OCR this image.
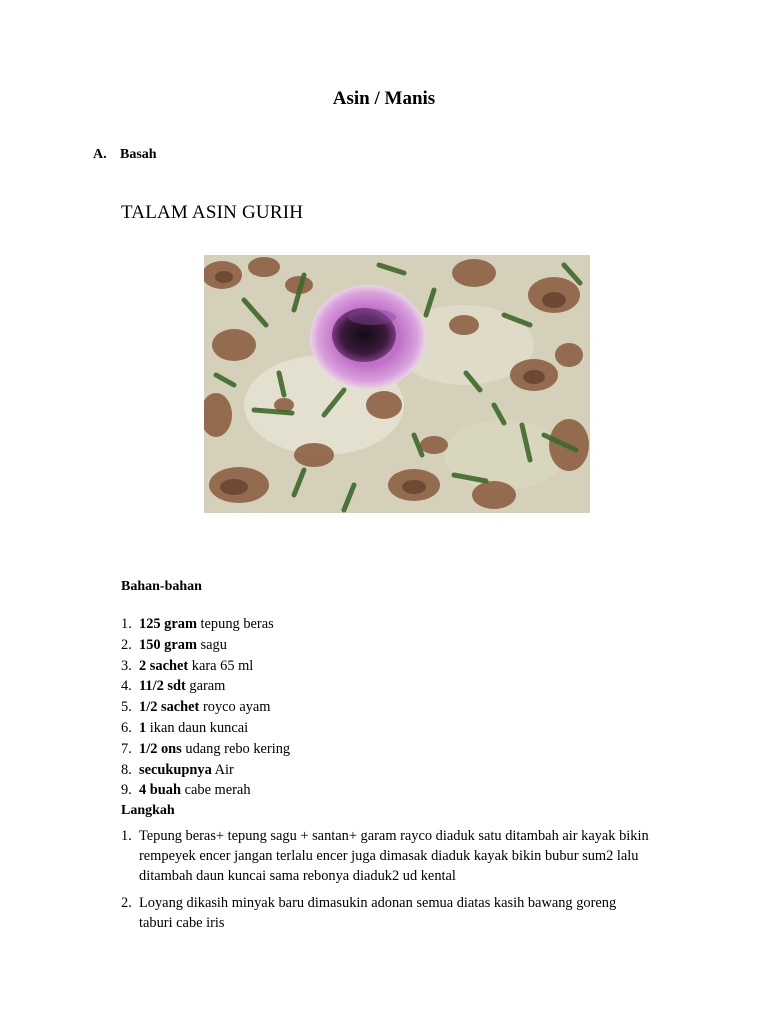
Asin / Manis
A. Basah
TALAM ASIN GURIH
Bahan-bahan
1. 125 gram tepung beras
2. 150 gram sagu
3. 2 sachet kara 65 ml
4. 11/2 sdt garam
5. 1/2 sachet royco ayam
6. 1 ikan daun kuncai
7. 1/2 ons udang rebo kering
8. secukupnya Air
9. 4 buah cabe merah
Langkah
1. Tepung beras+ tepung sagu + santan+ garam rayco diaduk satu ditambah air kayak bikin rempeyek encer jangan terlalu encer juga dimasak diaduk kayak bikin bubur sum2 lalu ditambah daun kuncai sama rebonya diaduk2 ud kental
2. Loyang dikasih minyak baru dimasukin adonan semua diatas kasih bawang goreng taburi cabe iris
